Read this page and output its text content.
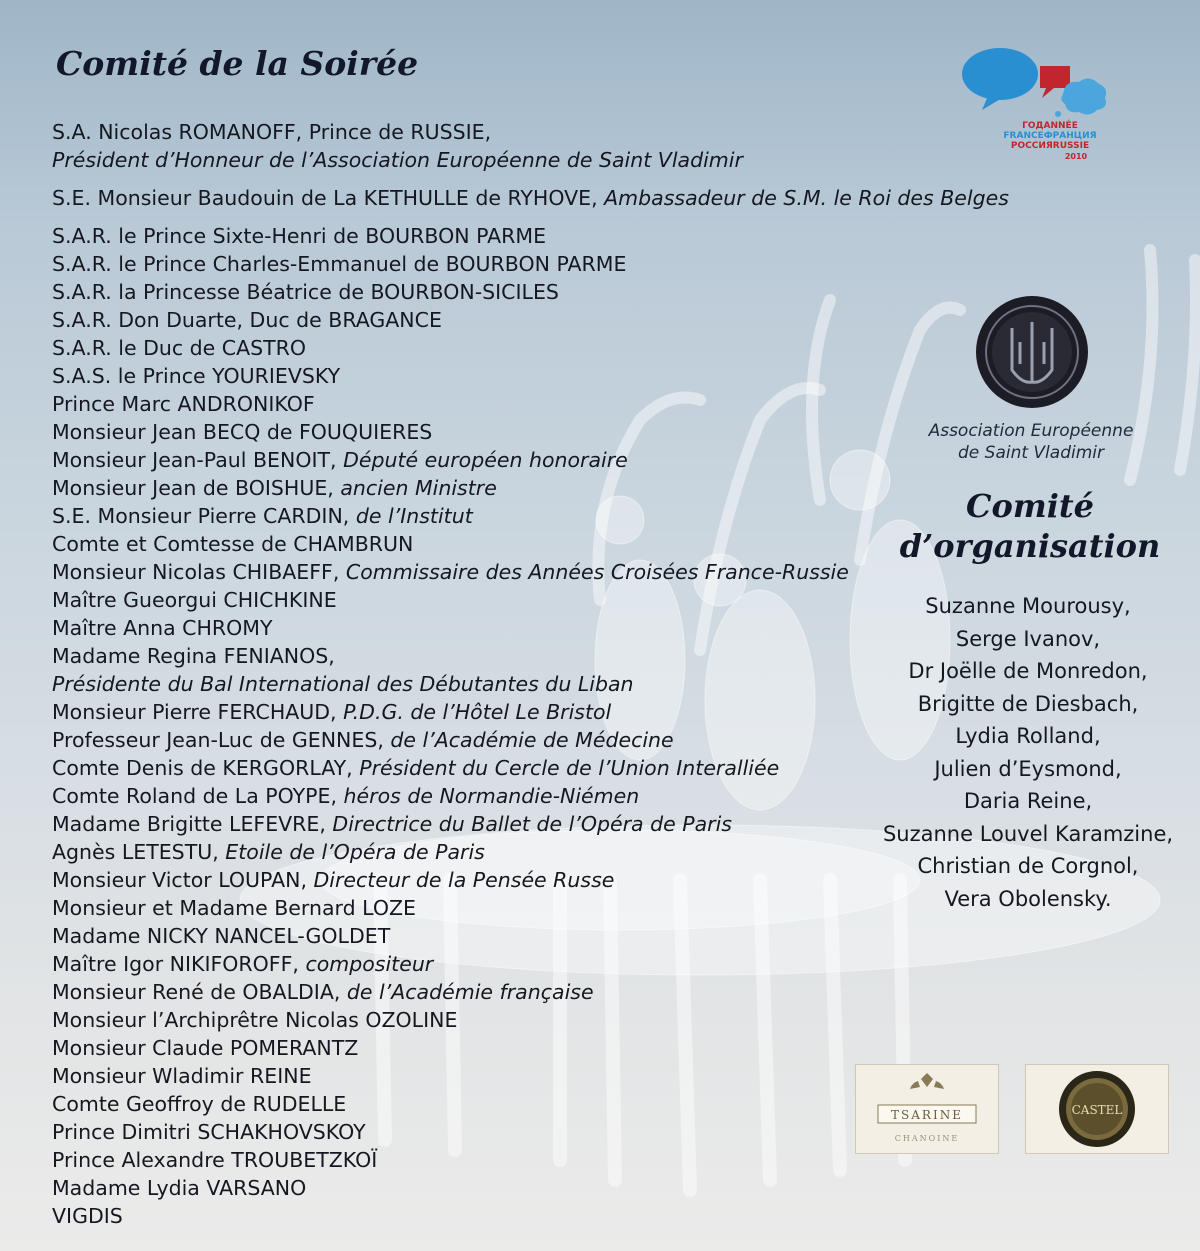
Comité de la Soirée
S.A. Nicolas ROMANOFF, Prince de RUSSIE,
Président d’Honneur de l’Association Européenne de Saint Vladimir
S.E. Monsieur Baudouin de La KETHULLE de RYHOVE, Ambassadeur de S.M. le Roi des Belges
S.A.R. le Prince Sixte-Henri de BOURBON PARME
S.A.R. le Prince Charles-Emmanuel de BOURBON PARME
S.A.R. la Princesse Béatrice de BOURBON-SICILES
S.A.R. Don Duarte, Duc de BRAGANCE
S.A.R. le Duc de CASTRO
S.A.S. le Prince YOURIEVSKY
Prince Marc ANDRONIKOF
Monsieur Jean BECQ de FOUQUIERES
Monsieur Jean-Paul BENOIT, Député européen honoraire
Monsieur Jean de BOISHUE, ancien Ministre
S.E. Monsieur Pierre CARDIN, de l’Institut
Comte et Comtesse de CHAMBRUN
Monsieur Nicolas CHIBAEFF, Commissaire des Années Croisées France-Russie
Maître Gueorgui CHICHKINE
Maître Anna CHROMY
Madame Regina FENIANOS,
Présidente du Bal International des Débutantes du Liban
Monsieur Pierre FERCHAUD, P.D.G. de l’Hôtel Le Bristol
Professeur Jean-Luc de GENNES, de l’Académie de Médecine
Comte Denis de KERGORLAY, Président du Cercle de l’Union Interalliée
Comte Roland de La POYPE, héros de Normandie-Niémen
Madame Brigitte LEFEVRE, Directrice du Ballet de l’Opéra de Paris
Agnès LETESTU, Etoile de l’Opéra de Paris
Monsieur Victor LOUPAN, Directeur de la Pensée Russe
Monsieur et Madame Bernard LOZE
Madame NICKY NANCEL-GOLDET
Maître Igor NIKIFOROFF, compositeur
Monsieur René de OBALDIA, de l’Académie française
Monsieur l’Archiprêtre Nicolas OZOLINE
Monsieur Claude POMERANTZ
Monsieur Wladimir REINE
Comte Geoffroy de RUDELLE
Prince Dimitri SCHAKHOVSKOY
Prince Alexandre TROUBETZKOÏ
Madame Lydia VARSANO
VIGDIS
ГОДANNÉE
FRANCEФРАНЦИЯ
РОССИЯRUSSIE
2010
Association Européenne
de Saint Vladimir
Comité
d’organisation
Suzanne Mourousy,
Serge Ivanov,
Dr Joëlle de Monredon,
Brigitte de Diesbach,
Lydia Rolland,
Julien d’Eysmond,
Daria Reine,
Suzanne Louvel Karamzine,
Christian de Corgnol,
Vera Obolensky.
TSARINE
CHANOINE
CASTEL
